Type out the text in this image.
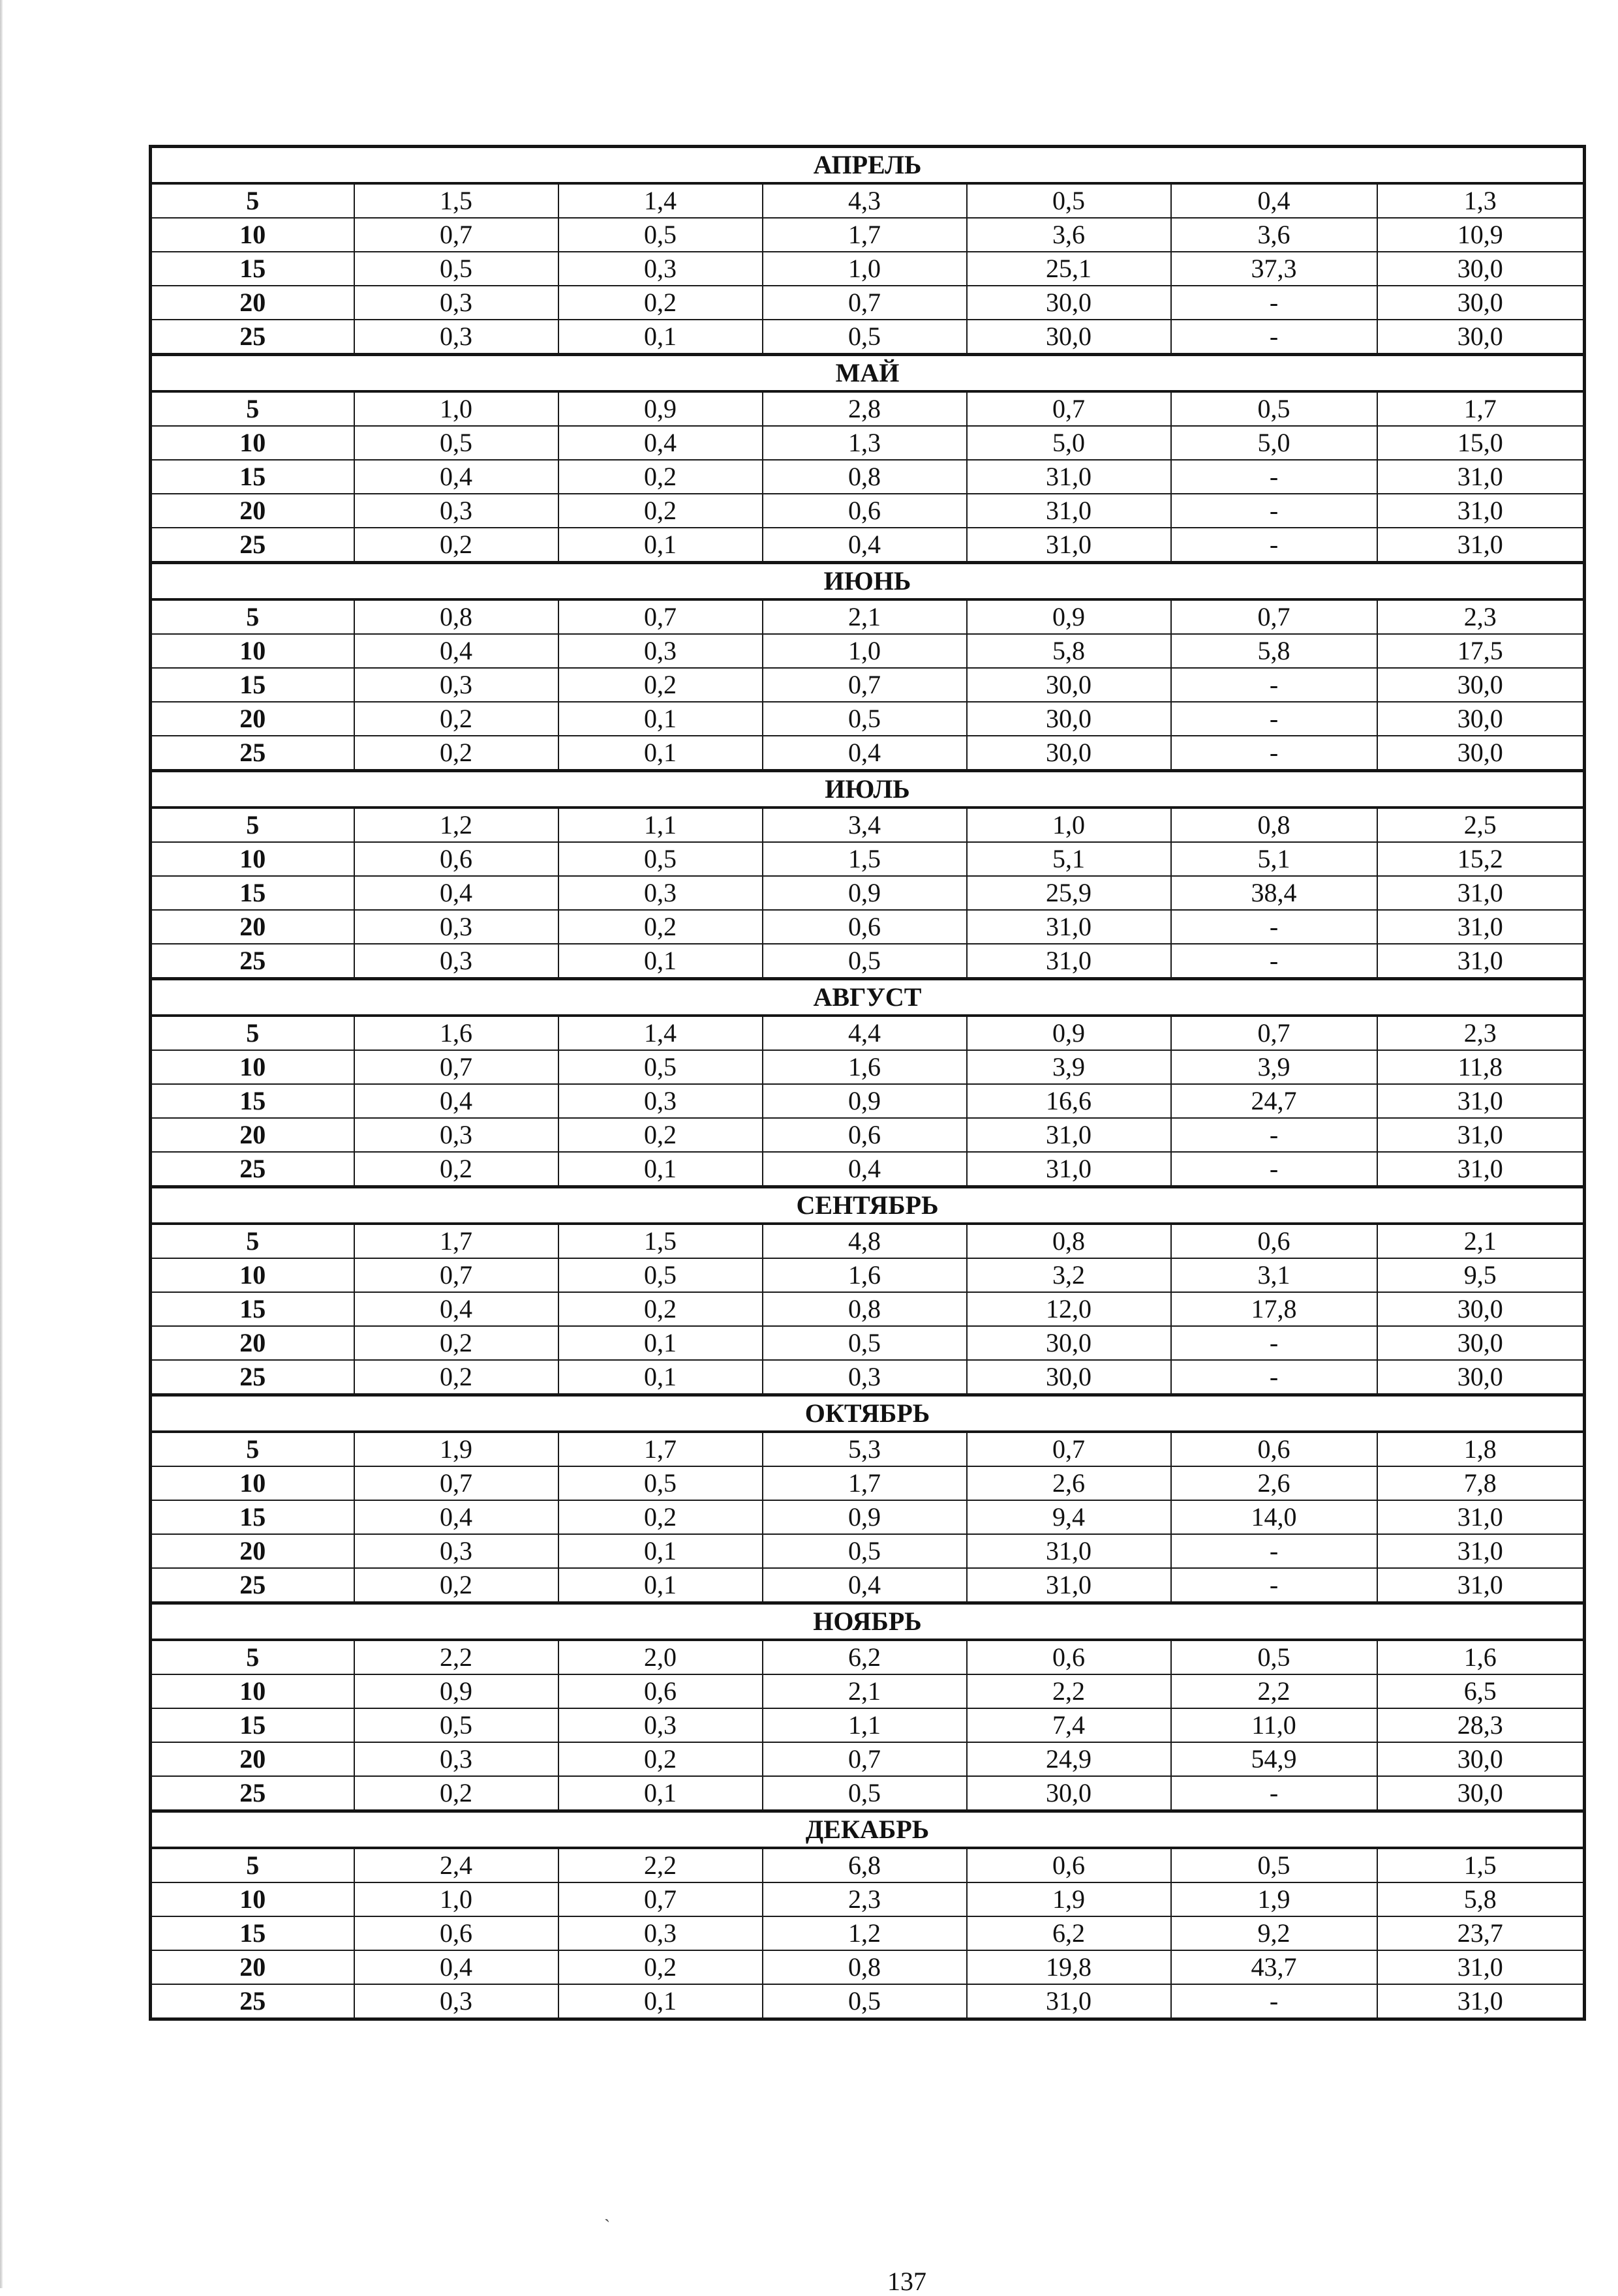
АПРЕЛЬ						
5	1,5	1,4	4,3	0,5	0,4	1,3
10	0,7	0,5	1,7	3,6	3,6	10,9
15	0,5	0,3	1,0	25,1	37,3	30,0
20	0,3	0,2	0,7	30,0	-	30,0
25	0,3	0,1	0,5	30,0	-	30,0
МАЙ						
5	1,0	0,9	2,8	0,7	0,5	1,7
10	0,5	0,4	1,3	5,0	5,0	15,0
15	0,4	0,2	0,8	31,0	-	31,0
20	0,3	0,2	0,6	31,0	-	31,0
25	0,2	0,1	0,4	31,0	-	31,0
ИЮНЬ						
5	0,8	0,7	2,1	0,9	0,7	2,3
10	0,4	0,3	1,0	5,8	5,8	17,5
15	0,3	0,2	0,7	30,0	-	30,0
20	0,2	0,1	0,5	30,0	-	30,0
25	0,2	0,1	0,4	30,0	-	30,0
ИЮЛЬ						
5	1,2	1,1	3,4	1,0	0,8	2,5
10	0,6	0,5	1,5	5,1	5,1	15,2
15	0,4	0,3	0,9	25,9	38,4	31,0
20	0,3	0,2	0,6	31,0	-	31,0
25	0,3	0,1	0,5	31,0	-	31,0
АВГУСТ						
5	1,6	1,4	4,4	0,9	0,7	2,3
10	0,7	0,5	1,6	3,9	3,9	11,8
15	0,4	0,3	0,9	16,6	24,7	31,0
20	0,3	0,2	0,6	31,0	-	31,0
25	0,2	0,1	0,4	31,0	-	31,0
СЕНТЯБРЬ						
5	1,7	1,5	4,8	0,8	0,6	2,1
10	0,7	0,5	1,6	3,2	3,1	9,5
15	0,4	0,2	0,8	12,0	17,8	30,0
20	0,2	0,1	0,5	30,0	-	30,0
25	0,2	0,1	0,3	30,0	-	30,0
ОКТЯБРЬ						
5	1,9	1,7	5,3	0,7	0,6	1,8
10	0,7	0,5	1,7	2,6	2,6	7,8
15	0,4	0,2	0,9	9,4	14,0	31,0
20	0,3	0,1	0,5	31,0	-	31,0
25	0,2	0,1	0,4	31,0	-	31,0
НОЯБРЬ						
5	2,2	2,0	6,2	0,6	0,5	1,6
10	0,9	0,6	2,1	2,2	2,2	6,5
15	0,5	0,3	1,1	7,4	11,0	28,3
20	0,3	0,2	0,7	24,9	54,9	30,0
25	0,2	0,1	0,5	30,0	-	30,0
ДЕКАБРЬ						
5	2,4	2,2	6,8	0,6	0,5	1,5
10	1,0	0,7	2,3	1,9	1,9	5,8
15	0,6	0,3	1,2	6,2	9,2	23,7
20	0,4	0,2	0,8	19,8	43,7	31,0
25	0,3	0,1	0,5	31,0	-	31,0
`
137
